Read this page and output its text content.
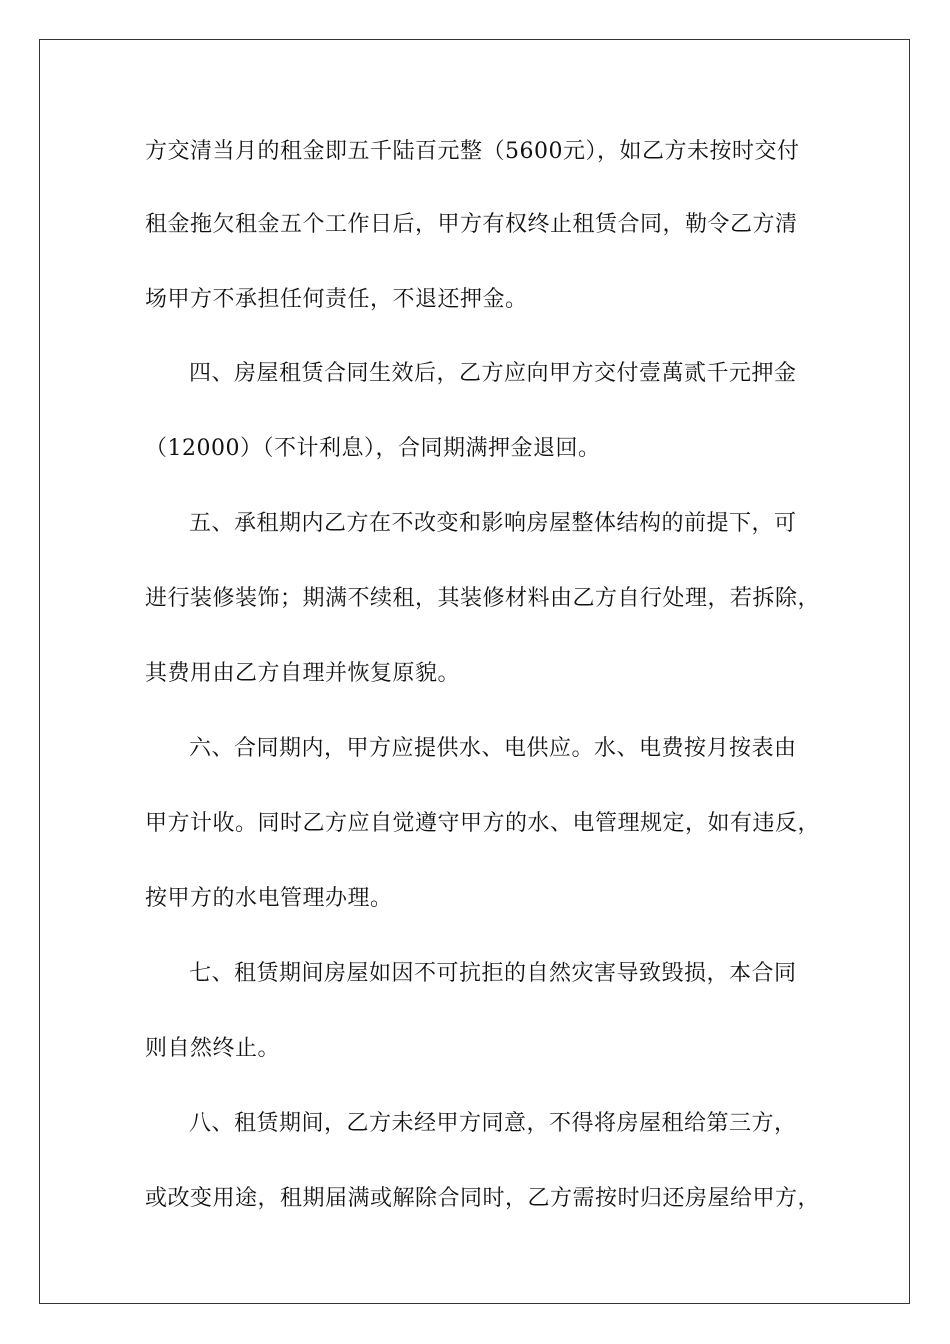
方交清当月的租金即五千陆百元整（5600元），如乙方未按时交付
租金拖欠租金五个工作日后，甲方有权终止租赁合同，勒令乙方清
场甲方不承担任何责任，不退还押金。
四、房屋租赁合同生效后，乙方应向甲方交付壹萬贰千元押金
（12000）（不计利息），合同期满押金退回。
五、承租期内乙方在不改变和影响房屋整体结构的前提下，可
进行装修装饰；期满不续租，其装修材料由乙方自行处理，若拆除，
其费用由乙方自理并恢复原貌。
六、合同期内，甲方应提供水、电供应。水、电费按月按表由
甲方计收。同时乙方应自觉遵守甲方的水、电管理规定，如有违反，
按甲方的水电管理办理。
七、租赁期间房屋如因不可抗拒的自然灾害导致毁损，本合同
则自然终止。
八、租赁期间，乙方未经甲方同意，不得将房屋租给第三方，
或改变用途，租期届满或解除合同时，乙方需按时归还房屋给甲方，
